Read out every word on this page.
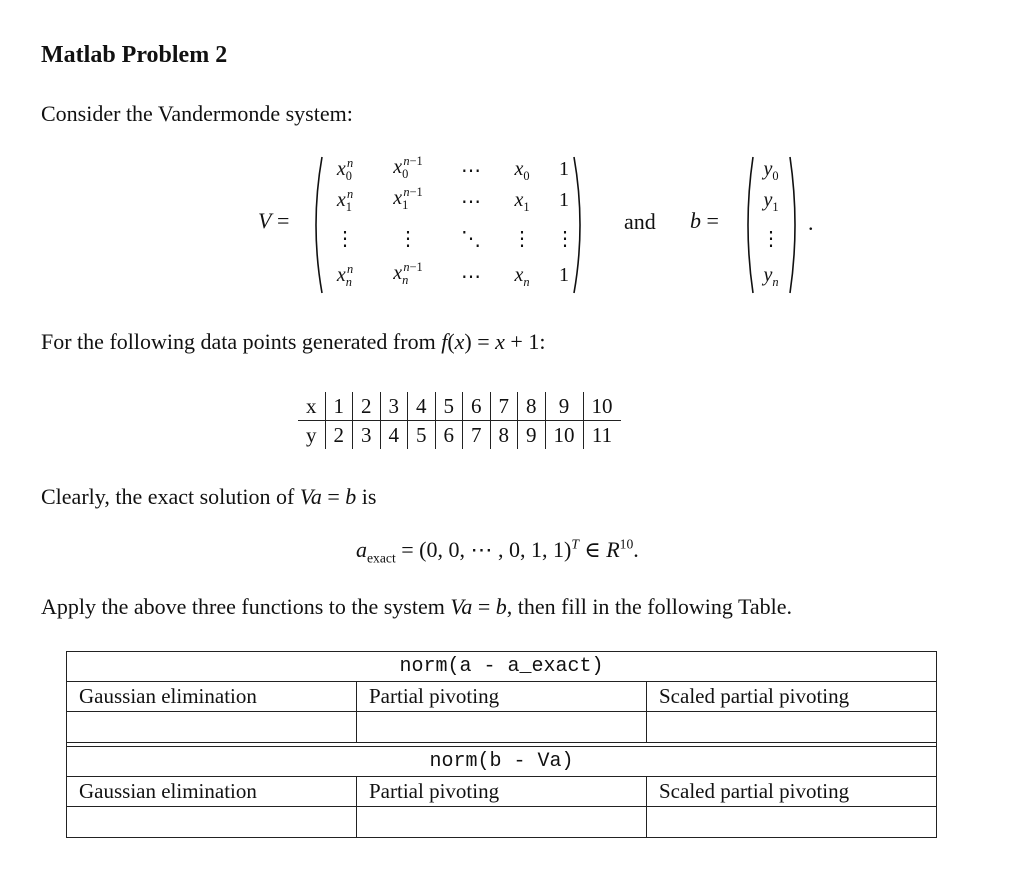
Matlab Problem 2
Consider the Vandermonde system:
V =
$x_0^n$	$x_0^{n-1}$	⋯	$x_0$	1
$x_1^n$	$x_1^{n-1}$	⋯	$x_1$	1
⋮	⋮	⋱	⋮	⋮
$x_n^n$	$x_n^{n-1}$	⋯	$x_n$	1
and b =
$y_0$
$y_1$
⋮
$y_n$
.
For the following data points generated from f(x) = x + 1:
x	1	2	3	4	5	6	7	8	9	10
y	2	3	4	5	6	7	8	9	10	11
Clearly, the exact solution of Va = b is
$a_{exact} = (0$, 0, ⋯ , 0, 1, 1)$^T$ ∈ $R^{10}$.
Apply the above three functions to the system Va = b, then fill in the following Table.
norm(a - a_exact)		
Gaussian elimination	Partial pivoting	Scaled partial pivoting

norm(b - Va)		
Gaussian elimination	Partial pivoting	Scaled partial pivoting
